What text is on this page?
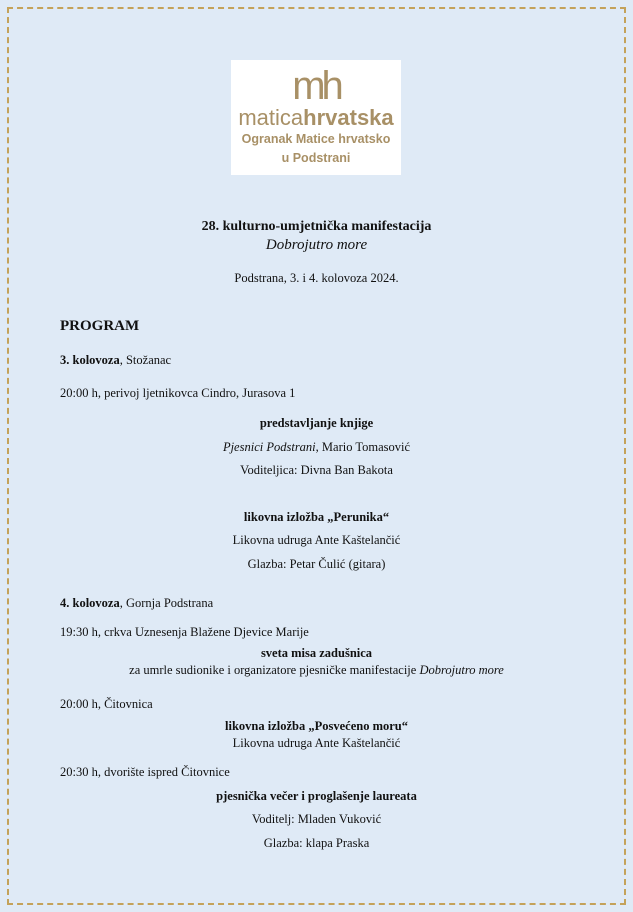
mh
maticahrvatska
Ogranak Matice hrvatsko
u Podstrani
28. kulturno-umjetnička manifestacija
Dobrojutro more
Podstrana, 3. i 4. kolovoza 2024.
PROGRAM
3. kolovoza, Stožanac
20:00 h, perivoj ljetnikovca Cindro, Jurasova 1
predstavljanje knjige
Pjesnici Podstrani, Mario Tomasović
Voditeljica: Divna Ban Bakota
likovna izložba „Perunika“
Likovna udruga Ante Kaštelančić
Glazba: Petar Čulić (gitara)
4. kolovoza, Gornja Podstrana
19:30 h, crkva Uznesenja Blažene Djevice Marije
sveta misa zadušnica
za umrle sudionike i organizatore pjesničke manifestacije Dobrojutro more
20:00 h, Čitovnica
likovna izložba „Posvećeno moru“
Likovna udruga Ante Kaštelančić
20:30 h, dvorište ispred Čitovnice
pjesnička večer i proglašenje laureata
Voditelj: Mladen Vuković
Glazba: klapa Praska
